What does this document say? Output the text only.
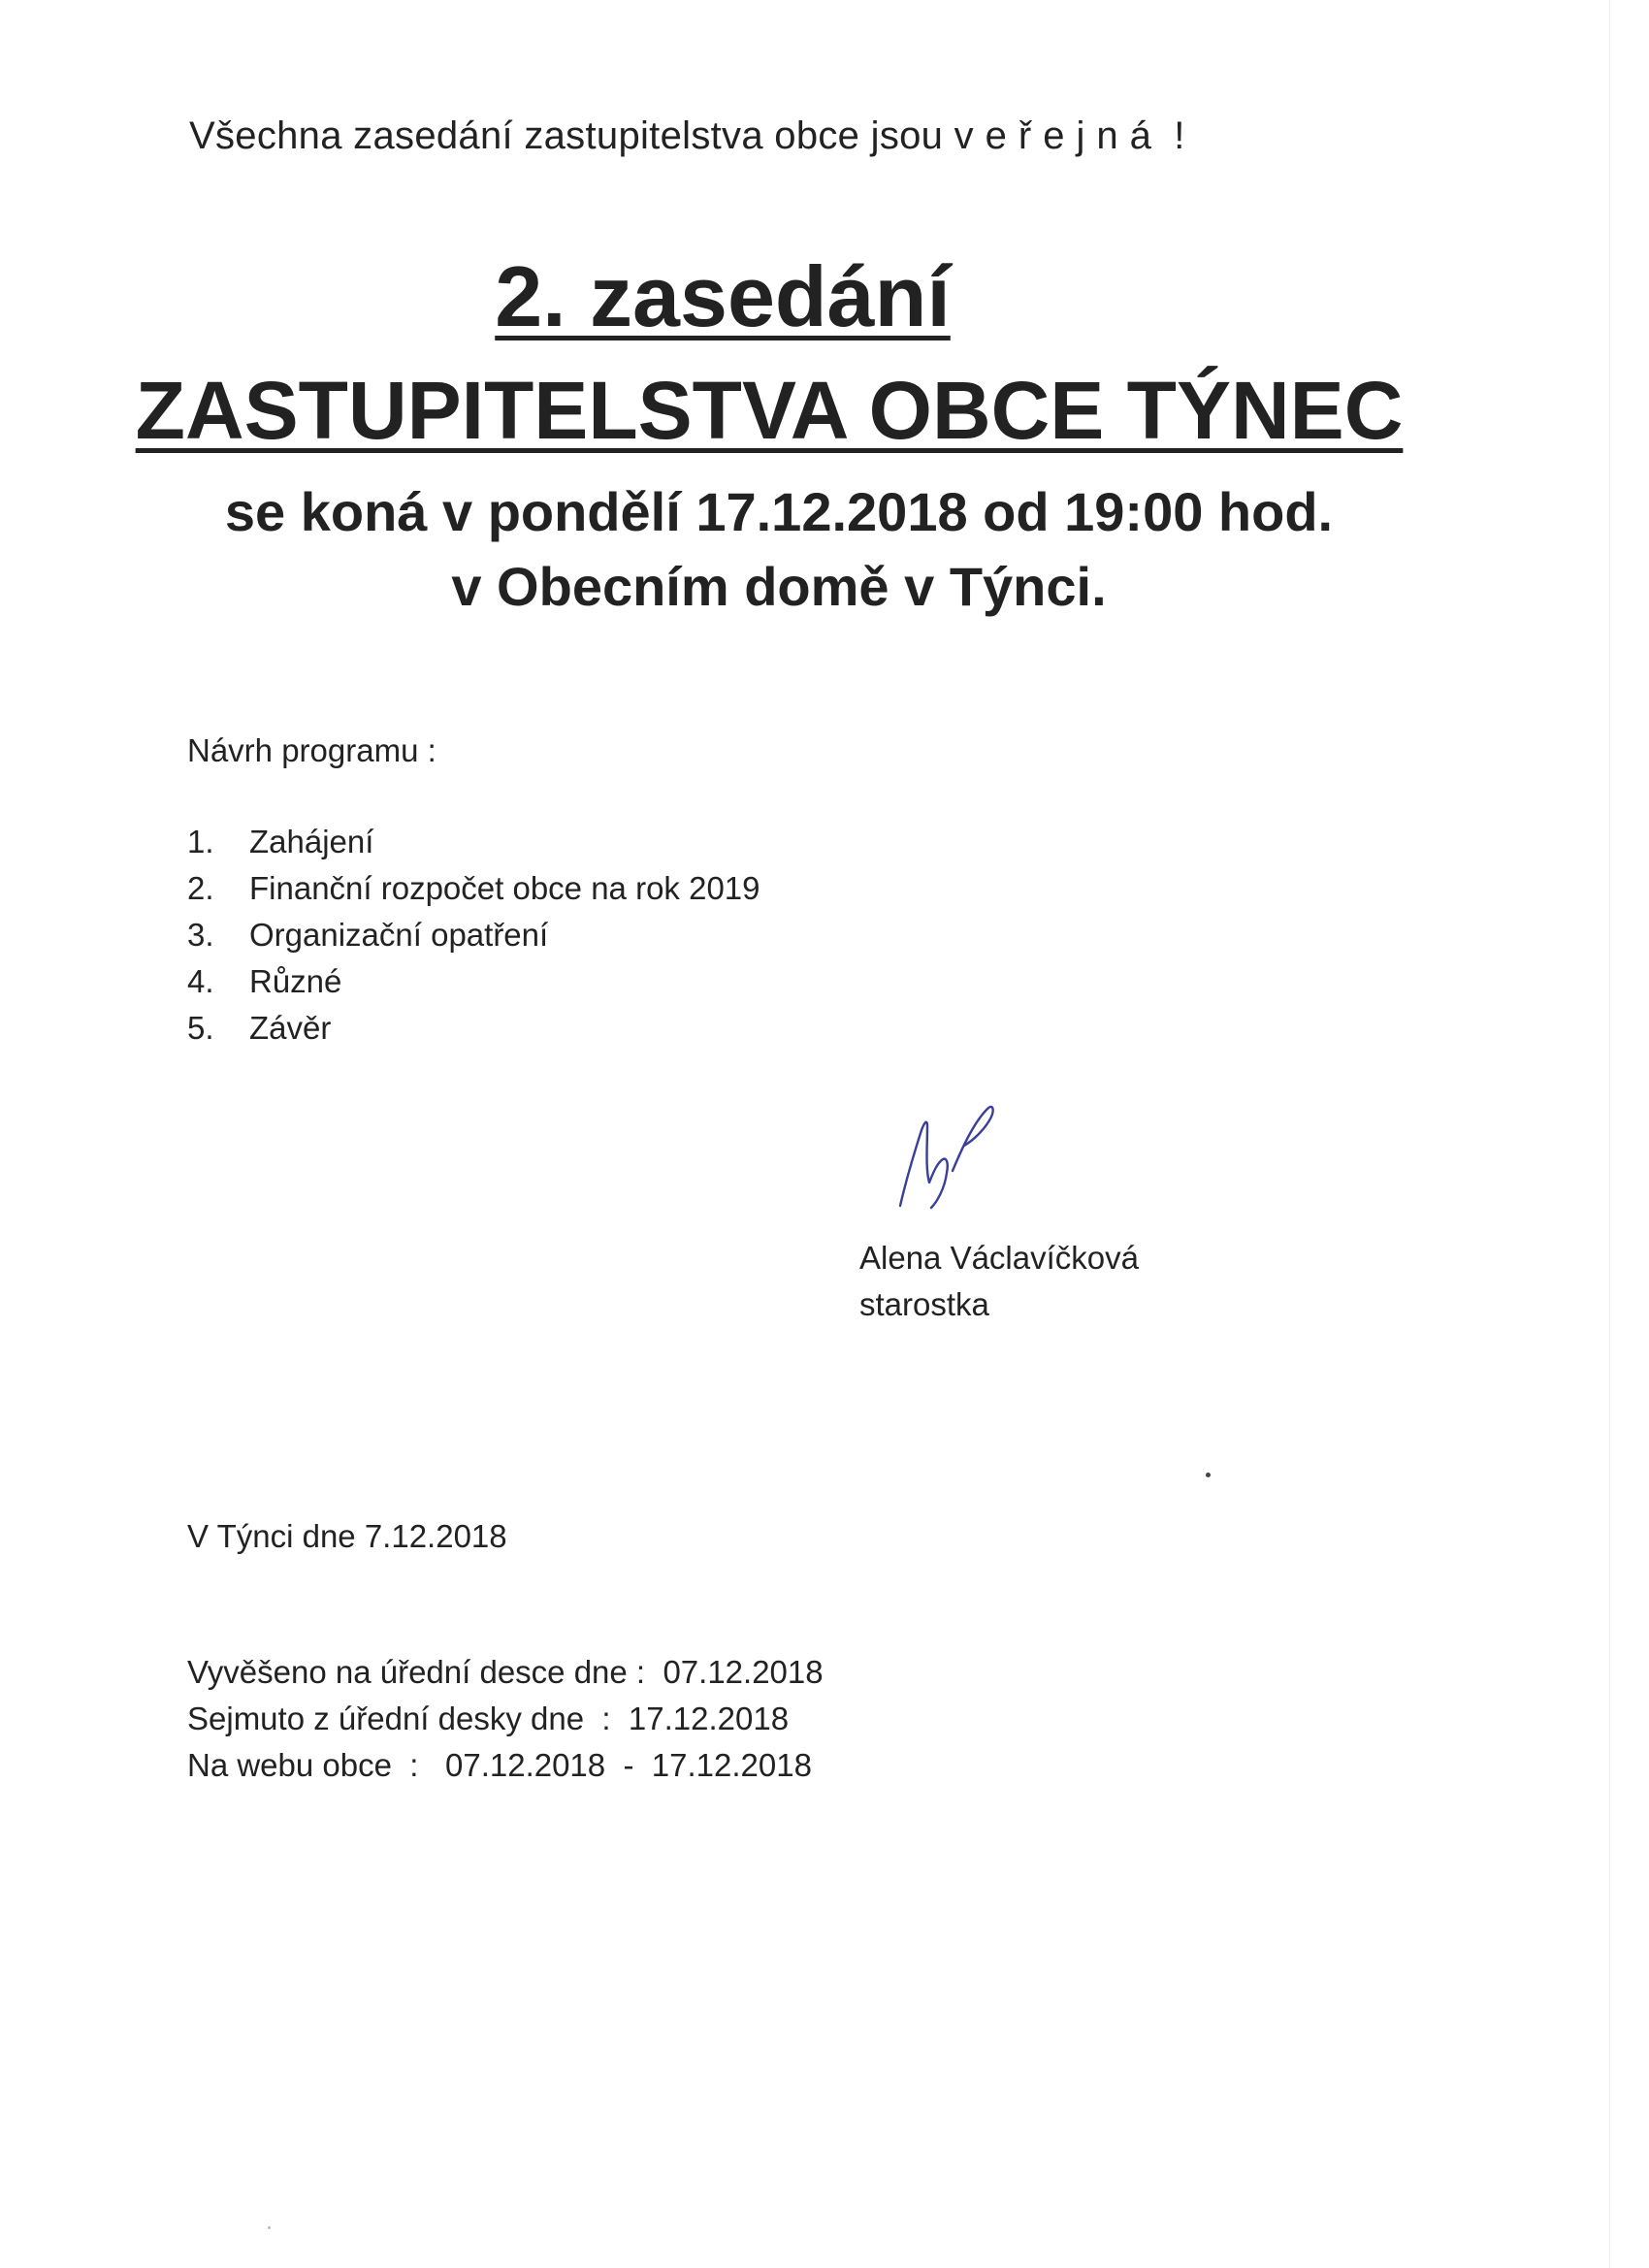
Všechna zasedání zastupitelstva obce jsou veřejná !
2. zasedání
ZASTUPITELSTVA OBCE TÝNEC
se koná v pondělí 17.12.2018 od 19:00 hod.
v Obecním domě v Týnci.
Návrh programu :
1. Zahájení
2. Finanční rozpočet obce na rok 2019
3. Organizační opatření
4. Různé
5. Závěr
Alena Václavíčková
starostka
V Týnci dne 7.12.2018
Vyvěšeno na úřední desce dne :  07.12.2018
Sejmuto z úřední desky dne  :  17.12.2018
Na webu obce  :   07.12.2018  -  17.12.2018
